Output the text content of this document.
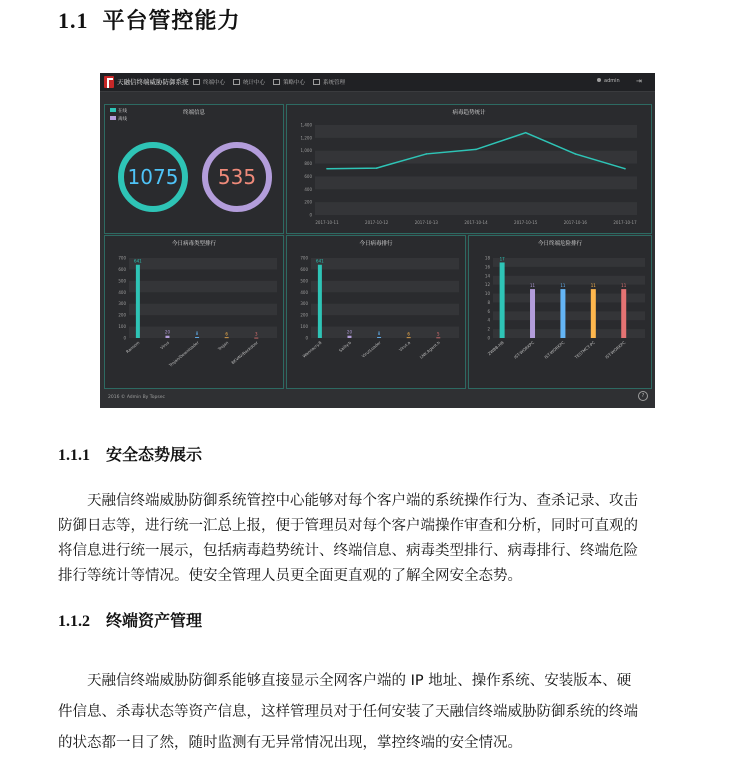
1.1 平台管控能力
天融信终端威胁防御系统	终端中心	统计中心	策略中心	系统管理	admin ⇥
终端信息
在线
离线
1075 535
病毒趋势统计
0
200
400
600
800
1,000
1,200
1,400
2017-10-11	2017-10-12	2017-10-13	2017-10-14	2017-10-15	2017-10-16	2017-10-17
今日病毒类型排行
0
100
200
300
400
500
600
700
641
Ransom
20
Virus
8
Trojan/Downloader
6
Trojan
3
BKVAV/Backdoor
今日病毒排行
0
100
200
300
400
500
600
700
641
Wannacry.8
20
Sality.b
8
VirutLoader
6
Virut.a
5
LNK.Agent.h
今日终端危险排行
0
2
4
6
8
10
12
14
16
18 17
ZWBB-HB
11
IST-WORKPC
11
IST-WORKPC
11
TESTMCT-PC
11
IST-WORKPC
2016 © Admin By Topsec	?
1.1.1 安全态势展示

天融信终端威胁防御系统管控中心能够对每个客户端的系统操作行为、查杀记录、攻击

防御日志等，进行统一汇总上报，便于管理员对每个客户端操作审查和分析，同时可直观的
将信息进行统一展示，包括病毒趋势统计、终端信息、病毒类型排行、病毒排行、终端危险
排行等统计等情况。使安全管理人员更全面更直观的了解全网安全态势。
1.1.2 终端资产管理

天融信终端威胁防御系能够直接显示全网客户端的 IP 地址、操作系统、安装版本、硬

件信息、杀毒状态等资产信息，这样管理员对于任何安装了天融信终端威胁防御系统的终端
的状态都一目了然，随时监测有无异常情况出现，掌控终端的安全情况。
